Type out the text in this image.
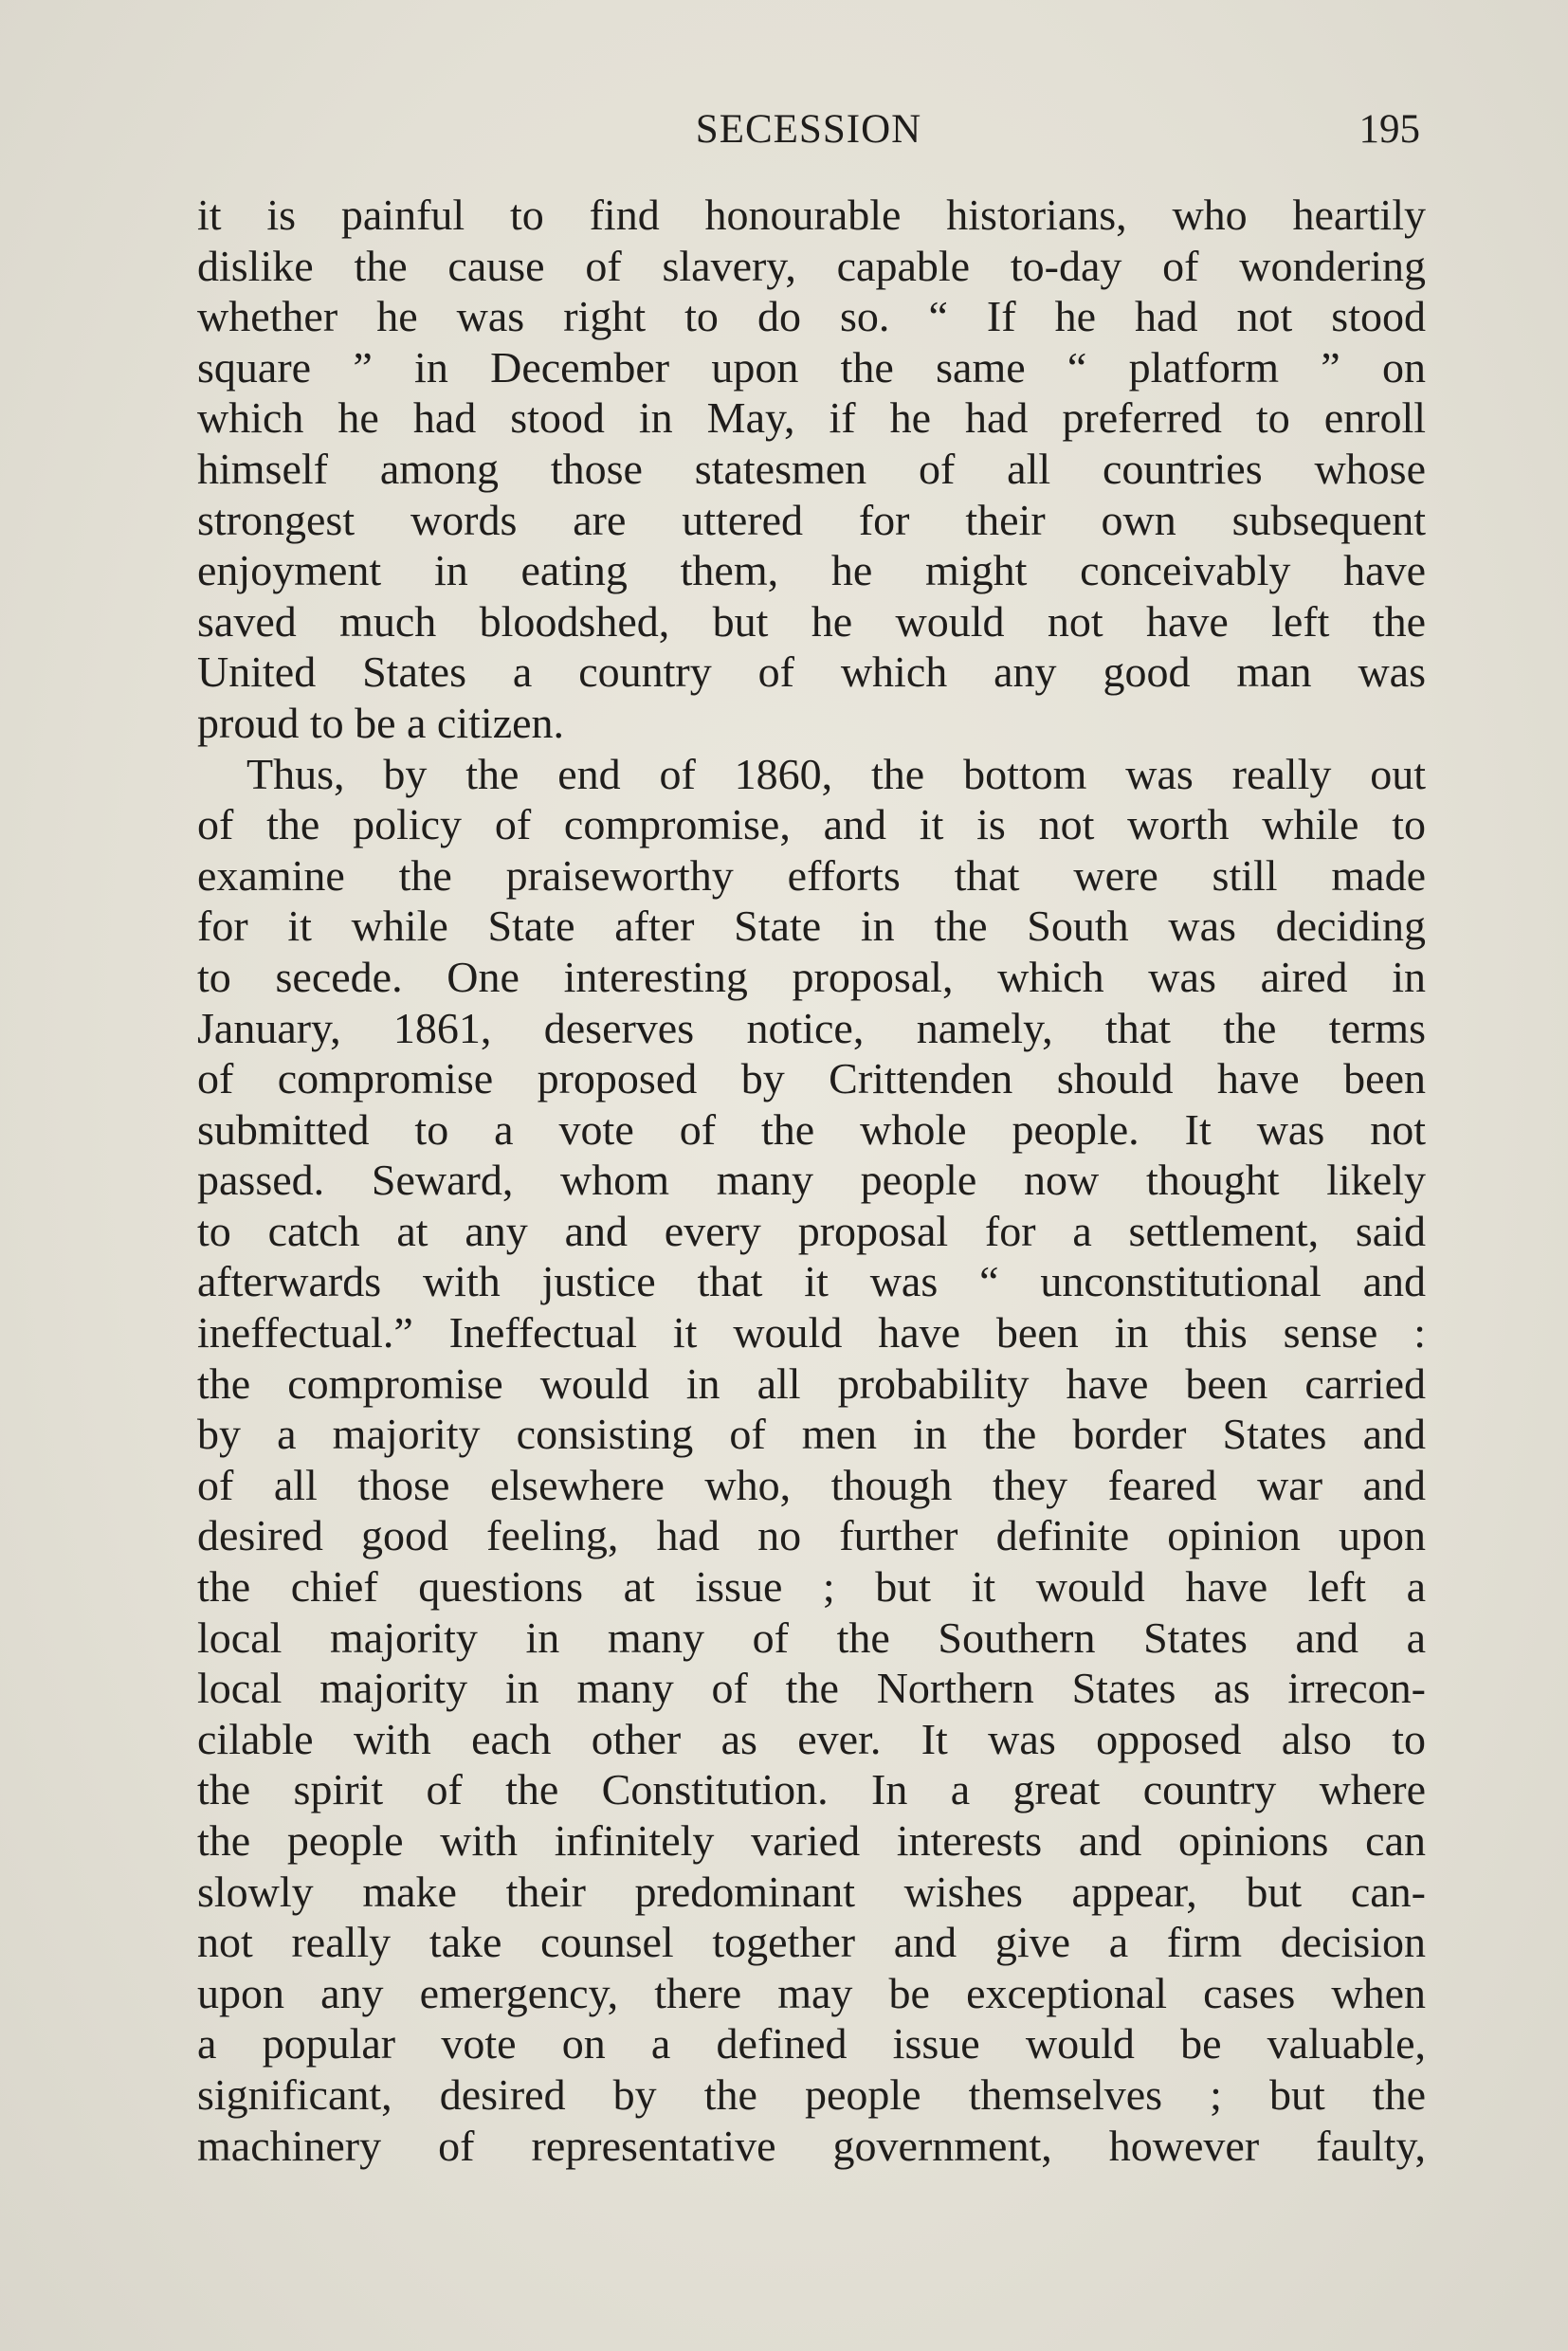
SECESSION	195
it is painful to find honourable historians, who heartily
dislike the cause of slavery, capable to-day of wondering
whether he was right to do so. “ If he had not stood
square ” in December upon the same “ platform ” on
which he had stood in May, if he had preferred to enroll
himself among those statesmen of all countries whose
strongest words are uttered for their own subsequent
enjoyment in eating them, he might conceivably have
saved much bloodshed, but he would not have left the
United States a country of which any good man was
proud to be a citizen.
Thus, by the end of 1860, the bottom was really out
of the policy of compromise, and it is not worth while to
examine the praiseworthy efforts that were still made
for it while State after State in the South was deciding
to secede. One interesting proposal, which was aired in
January, 1861, deserves notice, namely, that the terms
of compromise proposed by Crittenden should have been
submitted to a vote of the whole people. It was not
passed. Seward, whom many people now thought likely
to catch at any and every proposal for a settlement, said
afterwards with justice that it was “ unconstitutional and
ineffectual.” Ineffectual it would have been in this sense :
the compromise would in all probability have been carried
by a majority consisting of men in the border States and
of all those elsewhere who, though they feared war and
desired good feeling, had no further definite opinion upon
the chief questions at issue ; but it would have left a
local majority in many of the Southern States and a
local majority in many of the Northern States as irrecon-
cilable with each other as ever. It was opposed also to
the spirit of the Constitution. In a great country where
the people with infinitely varied interests and opinions can
slowly make their predominant wishes appear, but can-
not really take counsel together and give a firm decision
upon any emergency, there may be exceptional cases when
a popular vote on a defined issue would be valuable,
significant, desired by the people themselves ; but the
machinery of representative government, however faulty,
